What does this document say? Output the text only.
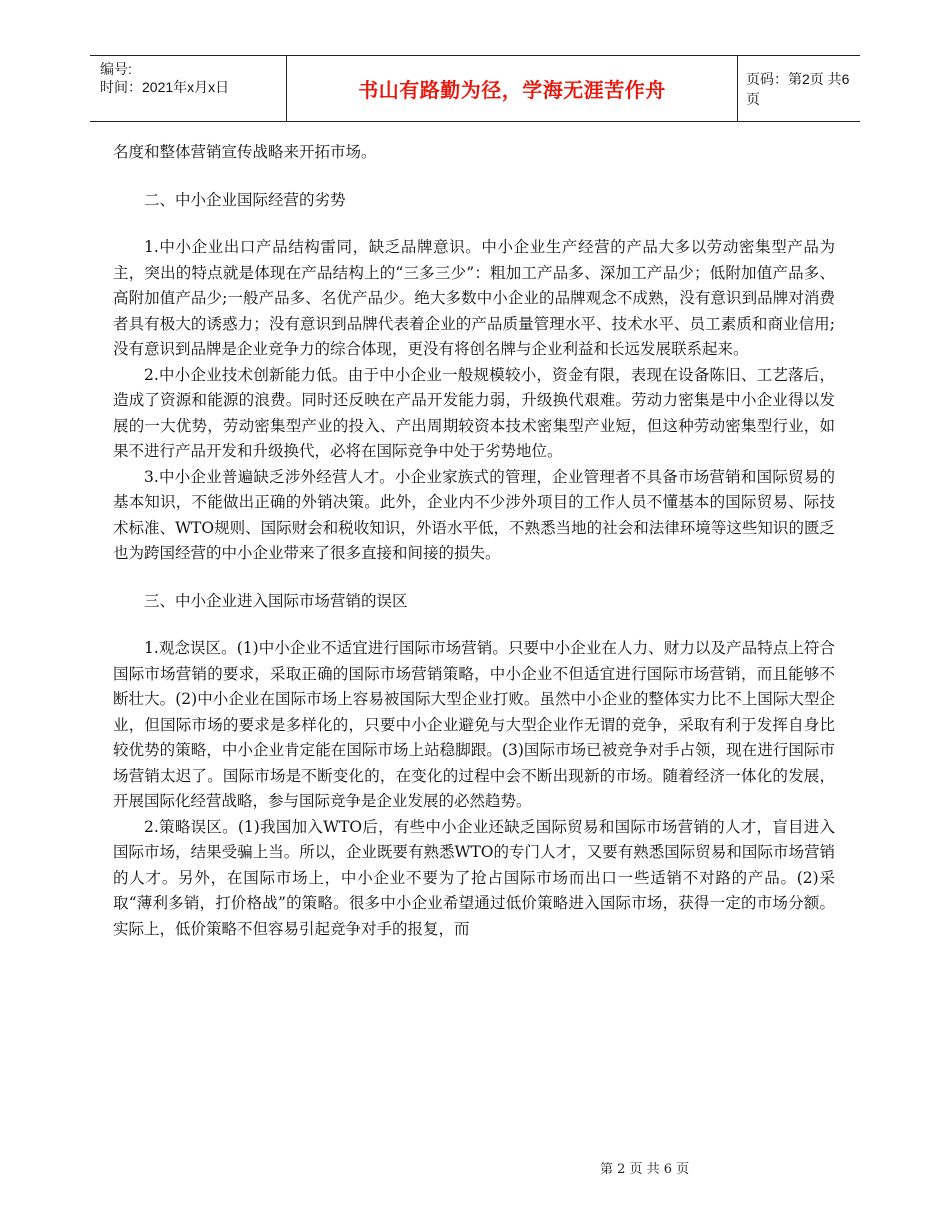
编号:
时间：2021年x月x日	书山有路勤为径，学海无涯苦作舟	页码：第2页 共6页

名度和整体营销宣传战略来开拓市场。

二、中小企业国际经营的劣势

1.中小企业出口产品结构雷同，缺乏品牌意识。中小企业生产经营的产品大多以劳动密集型产品为主，突出的特点就是体现在产品结构上的“三多三少”：粗加工产品多、深加工产品少；低附加值产品多、高附加值产品少;一般产品多、名优产品少。绝大多数中小企业的品牌观念不成熟，没有意识到品牌对消费者具有极大的诱惑力；没有意识到品牌代表着企业的产品质量管理水平、技术水平、员工素质和商业信用;没有意识到品牌是企业竞争力的综合体现，更没有将创名牌与企业利益和长远发展联系起来。

2.中小企业技术创新能力低。由于中小企业一般规模较小，资金有限，表现在设备陈旧、工艺落后，造成了资源和能源的浪费。同时还反映在产品开发能力弱，升级换代艰难。劳动力密集是中小企业得以发展的一大优势，劳动密集型产业的投入、产出周期较资本技术密集型产业短，但这种劳动密集型行业，如果不进行产品开发和升级换代，必将在国际竞争中处于劣势地位。

3.中小企业普遍缺乏涉外经营人才。小企业家族式的管理，企业管理者不具备市场营销和国际贸易的基本知识，不能做出正确的外销决策。此外，企业内不少涉外项目的工作人员不懂基本的国际贸易、际技术标准、WTO规则、国际财会和税收知识，外语水平低，不熟悉当地的社会和法律环境等这些知识的匮乏也为跨国经营的中小企业带来了很多直接和间接的损失。

三、中小企业进入国际市场营销的误区

1.观念误区。(1)中小企业不适宜进行国际市场营销。只要中小企业在人力、财力以及产品特点上符合国际市场营销的要求，采取正确的国际市场营销策略，中小企业不但适宜进行国际市场营销，而且能够不断壮大。(2)中小企业在国际市场上容易被国际大型企业打败。虽然中小企业的整体实力比不上国际大型企业，但国际市场的要求是多样化的，只要中小企业避免与大型企业作无谓的竞争，采取有利于发挥自身比较优势的策略，中小企业肯定能在国际市场上站稳脚跟。(3)国际市场已被竞争对手占领，现在进行国际市场营销太迟了。国际市场是不断变化的，在变化的过程中会不断出现新的市场。随着经济一体化的发展，开展国际化经营战略，参与国际竞争是企业发展的必然趋势。

2.策略误区。(1)我国加入WTO后，有些中小企业还缺乏国际贸易和国际市场营销的人才，盲目进入国际市场，结果受骗上当。所以，企业既要有熟悉WTO的专门人才，又要有熟悉国际贸易和国际市场营销的人才。另外，在国际市场上，中小企业不要为了抢占国际市场而出口一些适销不对路的产品。(2)采取“薄利多销，打价格战”的策略。很多中小企业希望通过低价策略进入国际市场，获得一定的市场分额。实际上，低价策略不但容易引起竞争对手的报复，而

第 2 页 共 6 页
